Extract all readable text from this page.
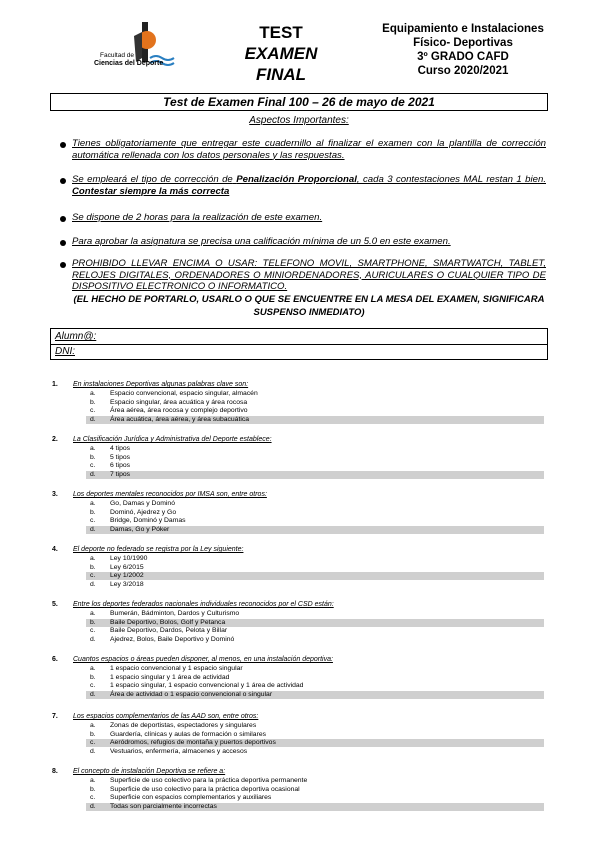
Facultad de
Ciencias del Deporte
TEST
EXAMEN
FINAL
Equipamiento e Instalaciones
Físico- Deportivas
3º GRADO CAFD
Curso 2020/2021
Test de Examen Final 100 – 26 de mayo de 2021
Aspectos Importantes:
Tienes obligatoriamente que entregar este cuadernillo al finalizar el examen con la plantilla de corrección automática rellenada con los datos personales y las respuestas.
Se empleará el tipo de corrección de Penalización Proporcional, cada 3 contestaciones MAL restan 1 bien. Contestar siempre la más correcta
Se dispone de 2 horas para la realización de este examen.
Para aprobar la asignatura se precisa una calificación mínima de un 5.0 en este examen.
PROHIBIDO LLEVAR ENCIMA O USAR: TELEFONO MOVIL, SMARTPHONE, SMARTWATCH, TABLET, RELOJES DIGITALES, ORDENADORES O MINIORDENADORES, AURICULARES O CUALQUIER TIPO DE DISPOSITIVO ELECTRONICO O INFORMATICO.
(EL HECHO DE PORTARLO, USARLO O QUE SE ENCUENTRE EN LA MESA DEL EXAMEN, SIGNIFICARA SUSPENSO INMEDIATO)
Alumn@:
DNI:
1. En instalaciones Deportivas algunas palabras clave son:
a. Espacio convencional, espacio singular, almacén
b. Espacio singular, área acuática y área rocosa
c. Área aérea, área rocosa y complejo deportivo
d. Área acuática, área aérea, y área subacuática
2. La Clasificación Jurídica y Administrativa del Deporte establece:
a. 4 tipos
b. 5 tipos
c. 6 tipos
d. 7 tipos
3. Los deportes mentales reconocidos por IMSA son, entre otros:
a. Go, Damas y Dominó
b. Dominó, Ajedrez y Go
c. Bridge, Dominó y Damas
d. Damas, Go y Póker
4. El deporte no federado se registra por la Ley siguiente:
a. Ley 10/1990
b. Ley 6/2015
c. Ley 1/2002
d. Ley 3/2018
5. Entre los deportes federados nacionales individuales reconocidos por el CSD están:
a. Bumerán, Bádminton, Dardos y Culturismo
b. Baile Deportivo, Bolos, Golf y Petanca
c. Baile Deportivo, Dardos, Pelota y Billar
d. Ajedrez, Bolos, Baile Deportivo y Dominó
6. Cuantos espacios o áreas pueden disponer, al menos, en una instalación deportiva:
a. 1 espacio convencional y 1 espacio singular
b. 1 espacio singular y 1 área de actividad
c. 1 espacio singular, 1 espacio convencional y 1 área de actividad
d. Área de actividad o 1 espacio convencional o singular
7. Los espacios complementarios de las AAD son, entre otros:
a. Zonas de deportistas, espectadores y singulares
b. Guardería, clínicas y aulas de formación o similares
c. Aeródromos, refugios de montaña y puertos deportivos
d. Vestuarios, enfermería, almacenes y accesos
8. El concepto de instalación Deportiva se refiere a:
a. Superficie de uso colectivo para la práctica deportiva permanente
b. Superficie de uso colectivo para la práctica deportiva ocasional
c. Superficie con espacios complementarios y auxiliares
d. Todas son parcialmente incorrectas
